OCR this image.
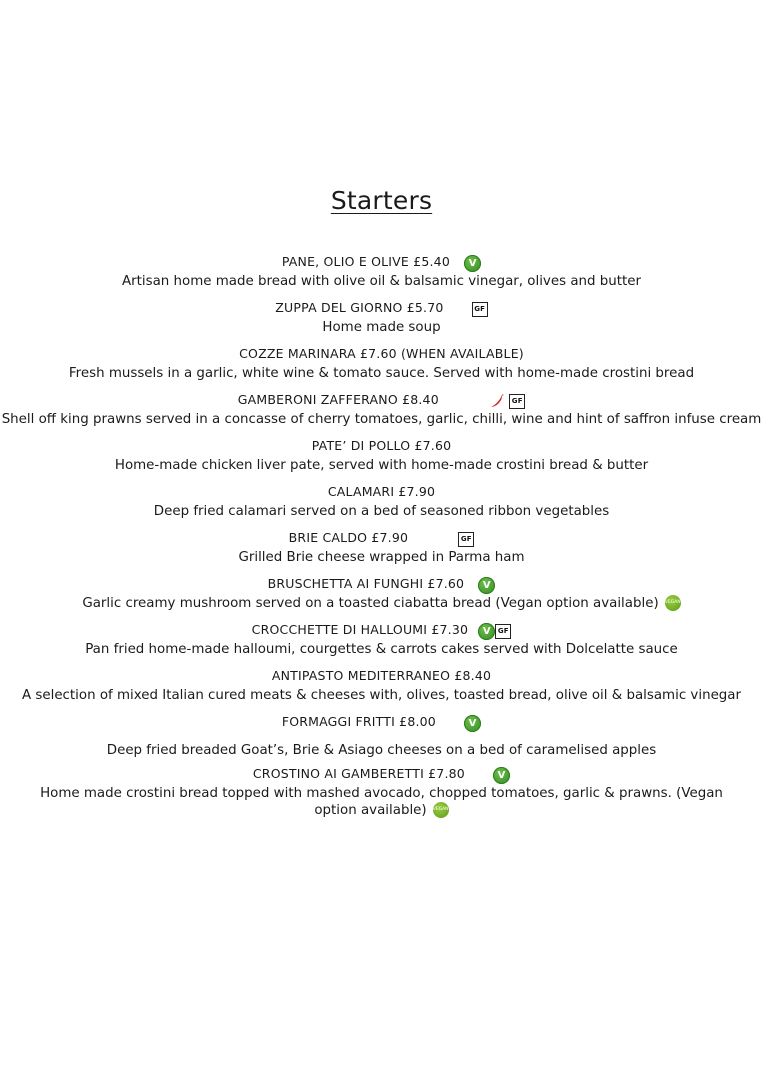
Starters
PANE, OLIO E OLIVE £5.40 V
Artisan home made bread with olive oil & balsamic vinegar, olives and butter
ZUPPA DEL GIORNO £5.70	GF
Home made soup
COZZE MARINARA £7.60 (WHEN AVAILABLE)
Fresh mussels in a garlic, white wine & tomato sauce. Served with home-made crostini bread
GAMBERONI ZAFFERANO £8.40	GF
Shell off king prawns served in a concasse of cherry tomatoes, garlic, chilli, wine and hint of saffron infuse cream
PATE’ DI POLLO £7.60
Home-made chicken liver pate, served with home-made crostini bread & butter
CALAMARI £7.90
Deep fried calamari served on a bed of seasoned ribbon vegetables
BRIE CALDO £7.90	GF
Grilled Brie cheese wrapped in Parma ham
BRUSCHETTA AI FUNGHI £7.60 V
Garlic creamy mushroom served on a toasted ciabatta bread (Vegan option available) VEGAN
CROCCHETTE DI HALLOUMI £7.30 V GF
Pan fried home-made halloumi, courgettes & carrots cakes served with Dolcelatte sauce
ANTIPASTO MEDITERRANEO £8.40
A selection of mixed Italian cured meats & cheeses with, olives, toasted bread, olive oil & balsamic vinegar
FORMAGGI FRITTI £8.00	V
Deep fried breaded Goat’s, Brie & Asiago cheeses on a bed of caramelised apples
CROSTINO AI GAMBERETTI £7.80	V
Home made crostini bread topped with mashed avocado, chopped tomatoes, garlic & prawns. (Vegan option available) VEGAN
